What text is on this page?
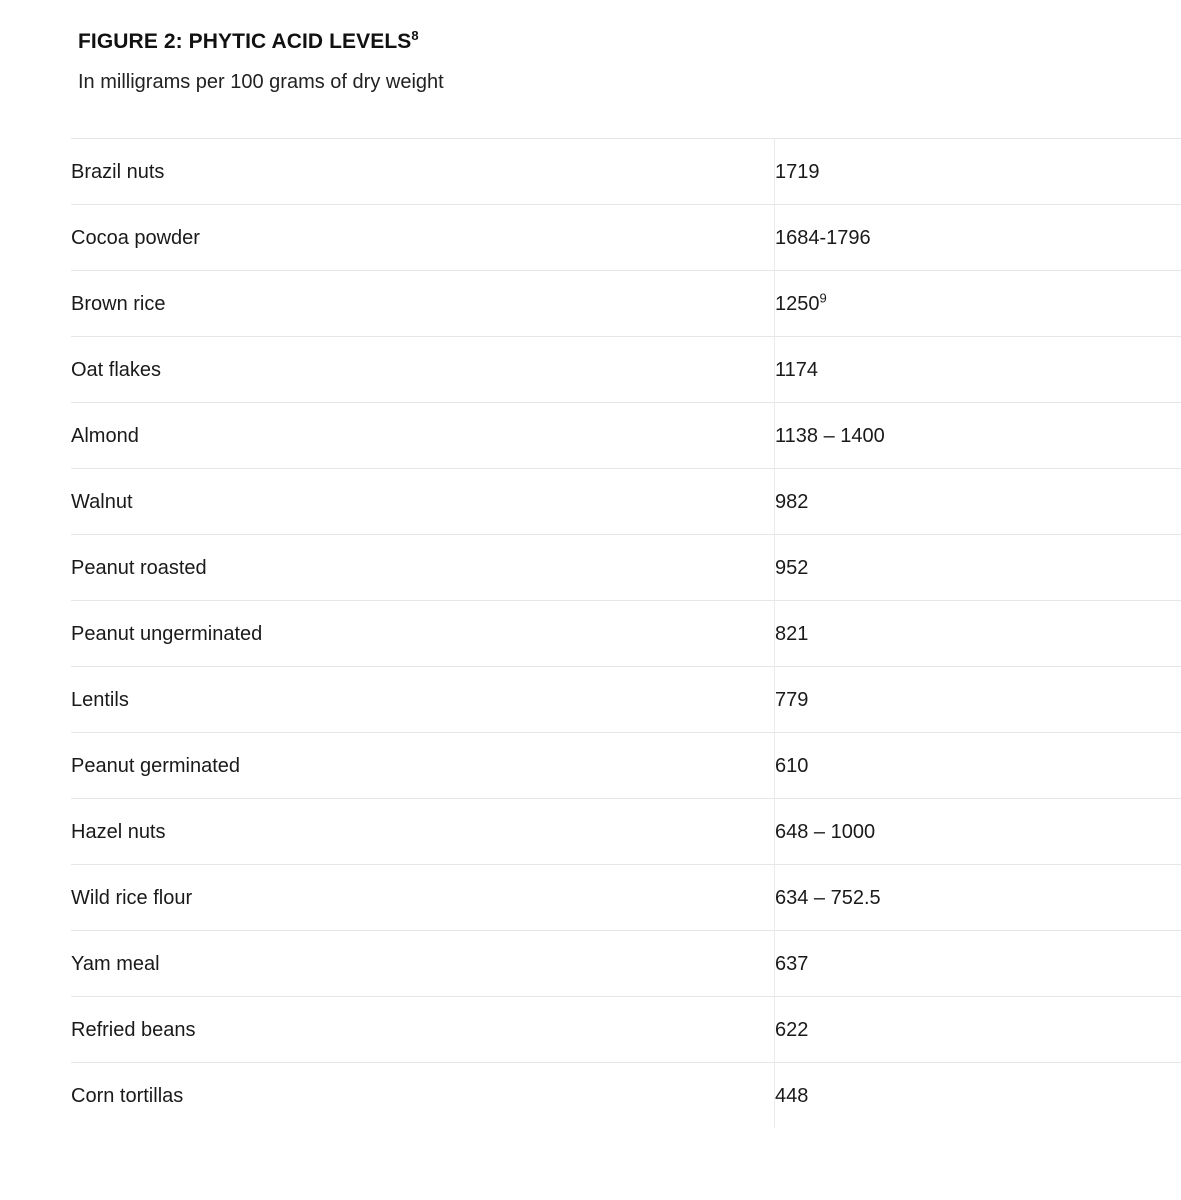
FIGURE 2: PHYTIC ACID LEVELS$^8$

In milligrams per 100 grams of dry weight

Brazil nuts	1719
Cocoa powder	1684-1796
Brown rice	1250$^9$
Oat flakes	1174
Almond	1138 – 1400
Walnut	982
Peanut roasted	952
Peanut ungerminated	821
Lentils	779
Peanut germinated	610
Hazel nuts	648 – 1000
Wild rice flour	634 – 752.5
Yam meal	637
Refried beans	622
Corn tortillas	448
